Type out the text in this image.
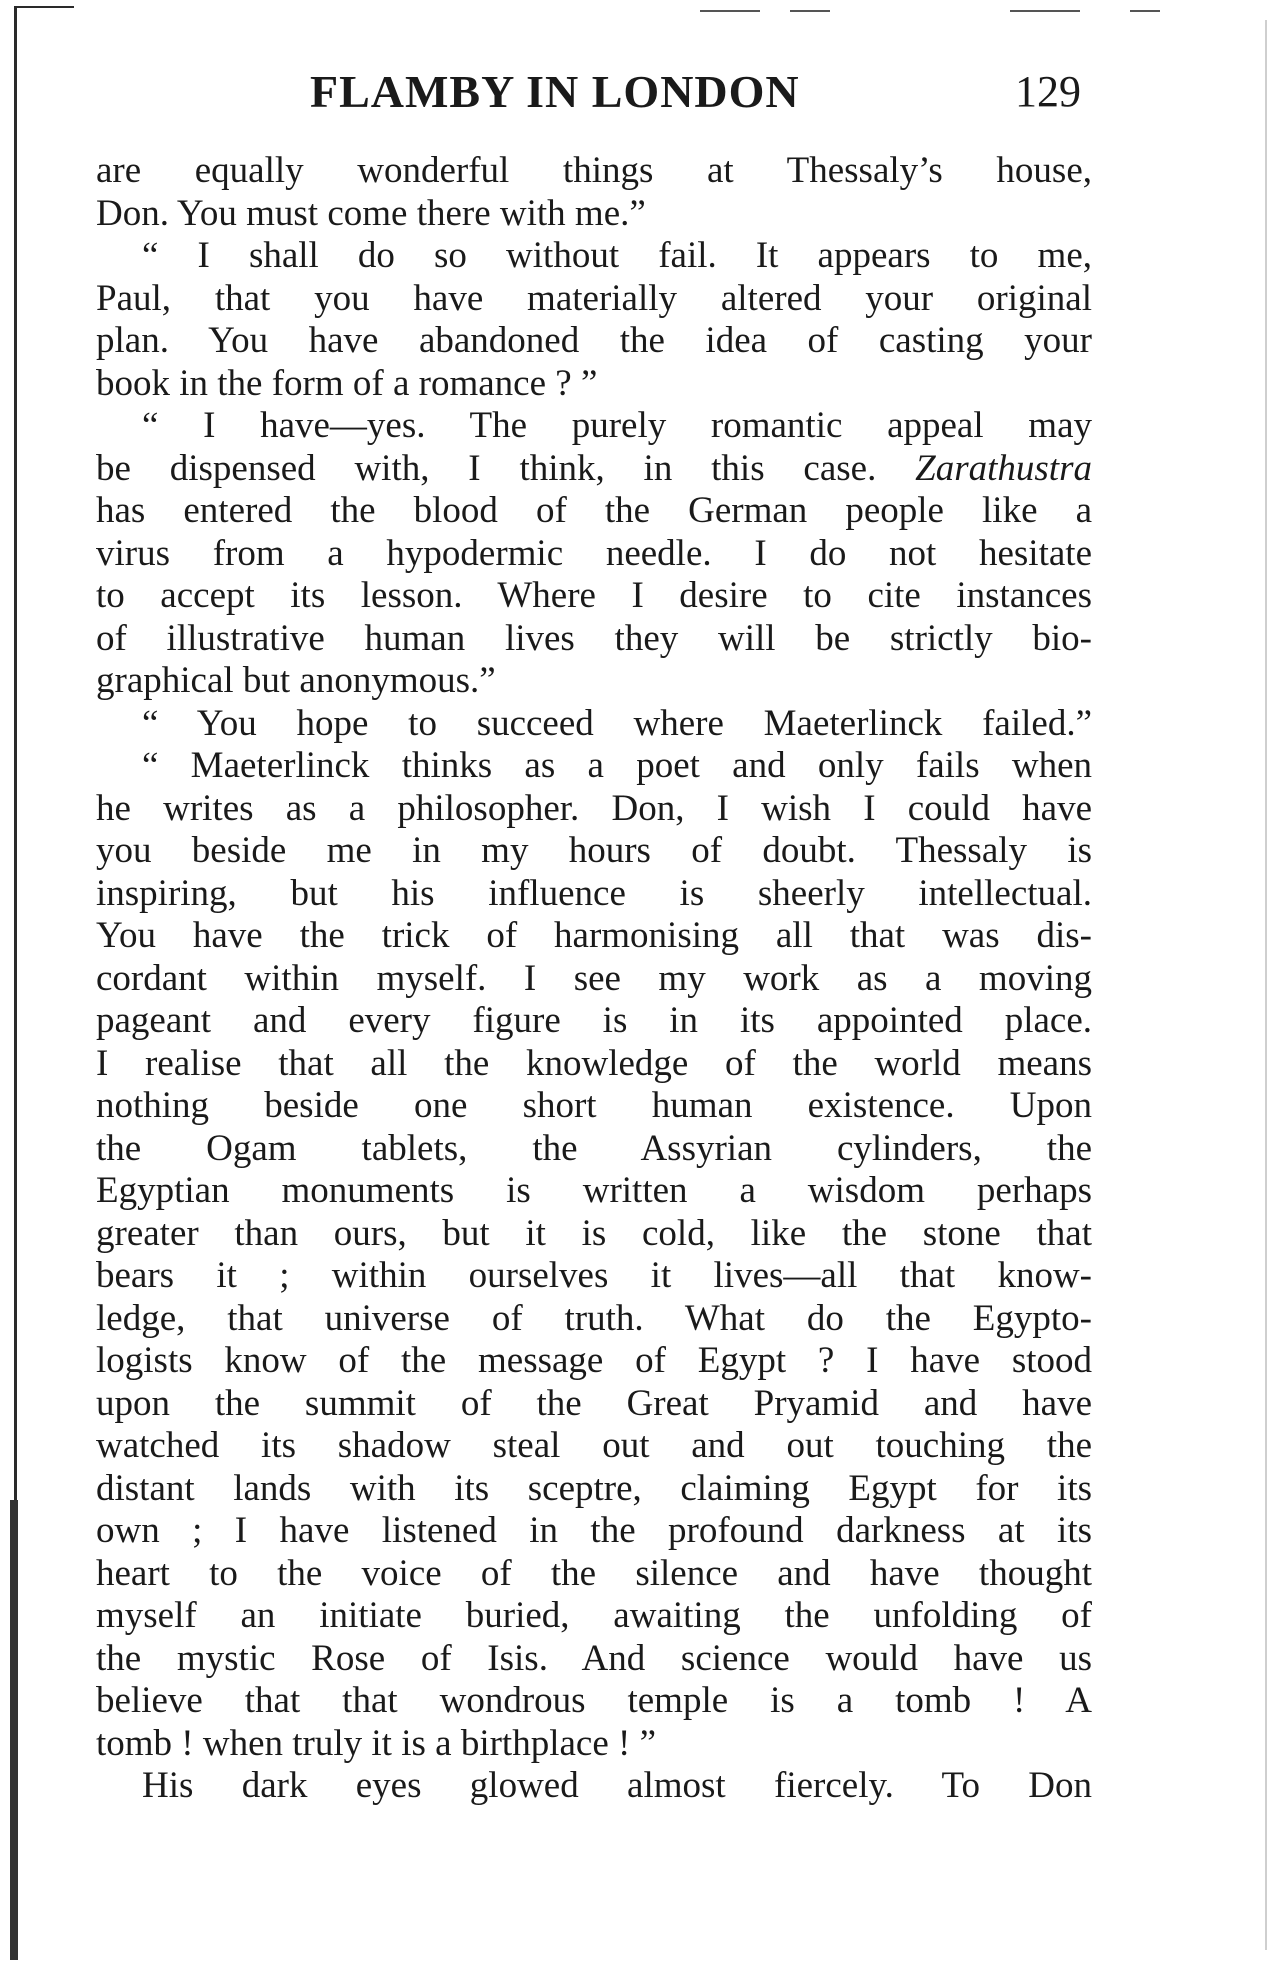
FLAMBY IN LONDON	129
are equally wonderful things at Thessaly’s house,
Don. You must come there with me.”
“ I shall do so without fail. It appears to me,
Paul, that you have materially altered your original
plan. You have abandoned the idea of casting your
book in the form of a romance ? ”
“ I have—yes. The purely romantic appeal may
be dispensed with, I think, in this case. Zarathustra
has entered the blood of the German people like a
virus from a hypodermic needle. I do not hesitate
to accept its lesson. Where I desire to cite instances
of illustrative human lives they will be strictly bio-
graphical but anonymous.”
“ You hope to succeed where Maeterlinck failed.”
“ Maeterlinck thinks as a poet and only fails when
he writes as a philosopher. Don, I wish I could have
you beside me in my hours of doubt. Thessaly is
inspiring, but his influence is sheerly intellectual.
You have the trick of harmonising all that was dis-
cordant within myself. I see my work as a moving
pageant and every figure is in its appointed place.
I realise that all the knowledge of the world means
nothing beside one short human existence. Upon
the Ogam tablets, the Assyrian cylinders, the
Egyptian monuments is written a wisdom perhaps
greater than ours, but it is cold, like the stone that
bears it ; within ourselves it lives—all that know-
ledge, that universe of truth. What do the Egypto-
logists know of the message of Egypt ? I have stood
upon the summit of the Great Pryamid and have
watched its shadow steal out and out touching the
distant lands with its sceptre, claiming Egypt for its
own ; I have listened in the profound darkness at its
heart to the voice of the silence and have thought
myself an initiate buried, awaiting the unfolding of
the mystic Rose of Isis. And science would have us
believe that that wondrous temple is a tomb ! A
tomb ! when truly it is a birthplace ! ”
His dark eyes glowed almost fiercely. To Don
